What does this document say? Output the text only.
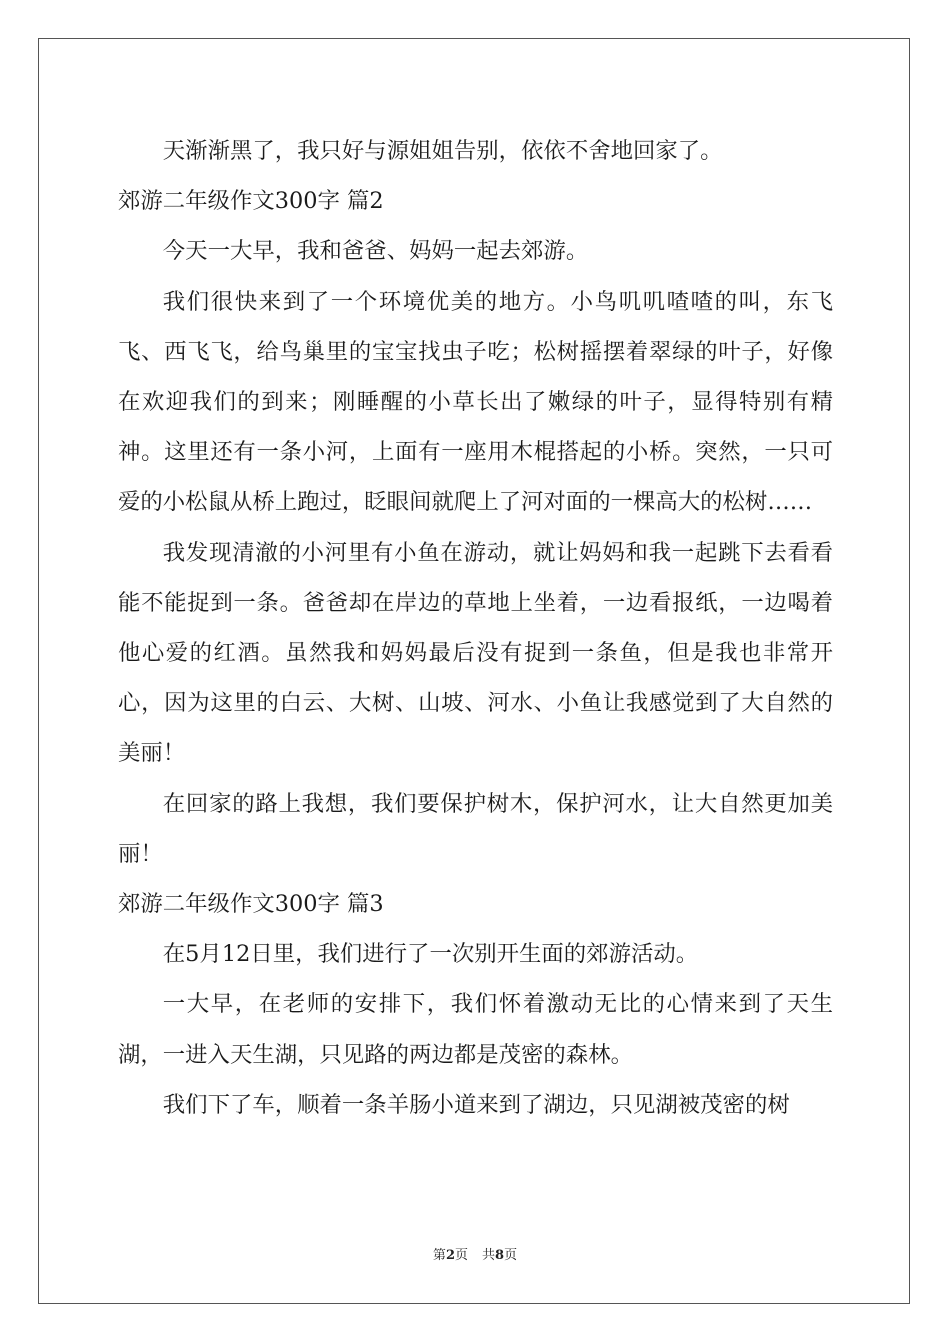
天渐渐黑了，我只好与源姐姐告别，依依不舍地回家了。

郊游二年级作文300字 篇2

今天一大早，我和爸爸、妈妈一起去郊游。

我们很快来到了一个环境优美的地方。小鸟叽叽喳喳的叫，东飞飞、西飞飞，给鸟巢里的宝宝找虫子吃；松树摇摆着翠绿的叶子，好像在欢迎我们的到来；刚睡醒的小草长出了嫩绿的叶子，显得特别有精神。这里还有一条小河，上面有一座用木棍搭起的小桥。突然，一只可爱的小松鼠从桥上跑过，眨眼间就爬上了河对面的一棵高大的松树……

我发现清澈的小河里有小鱼在游动，就让妈妈和我一起跳下去看看能不能捉到一条。爸爸却在岸边的草地上坐着，一边看报纸，一边喝着他心爱的红酒。虽然我和妈妈最后没有捉到一条鱼，但是我也非常开心，因为这里的白云、大树、山坡、河水、小鱼让我感觉到了大自然的美丽！

在回家的路上我想，我们要保护树木，保护河水，让大自然更加美丽！

郊游二年级作文300字 篇3

在5月12日里，我们进行了一次别开生面的郊游活动。

一大早，在老师的安排下，我们怀着激动无比的心情来到了天生湖，一进入天生湖，只见路的两边都是茂密的森林。

我们下了车，顺着一条羊肠小道来到了湖边，只见湖被茂密的树

第2页 共8页
